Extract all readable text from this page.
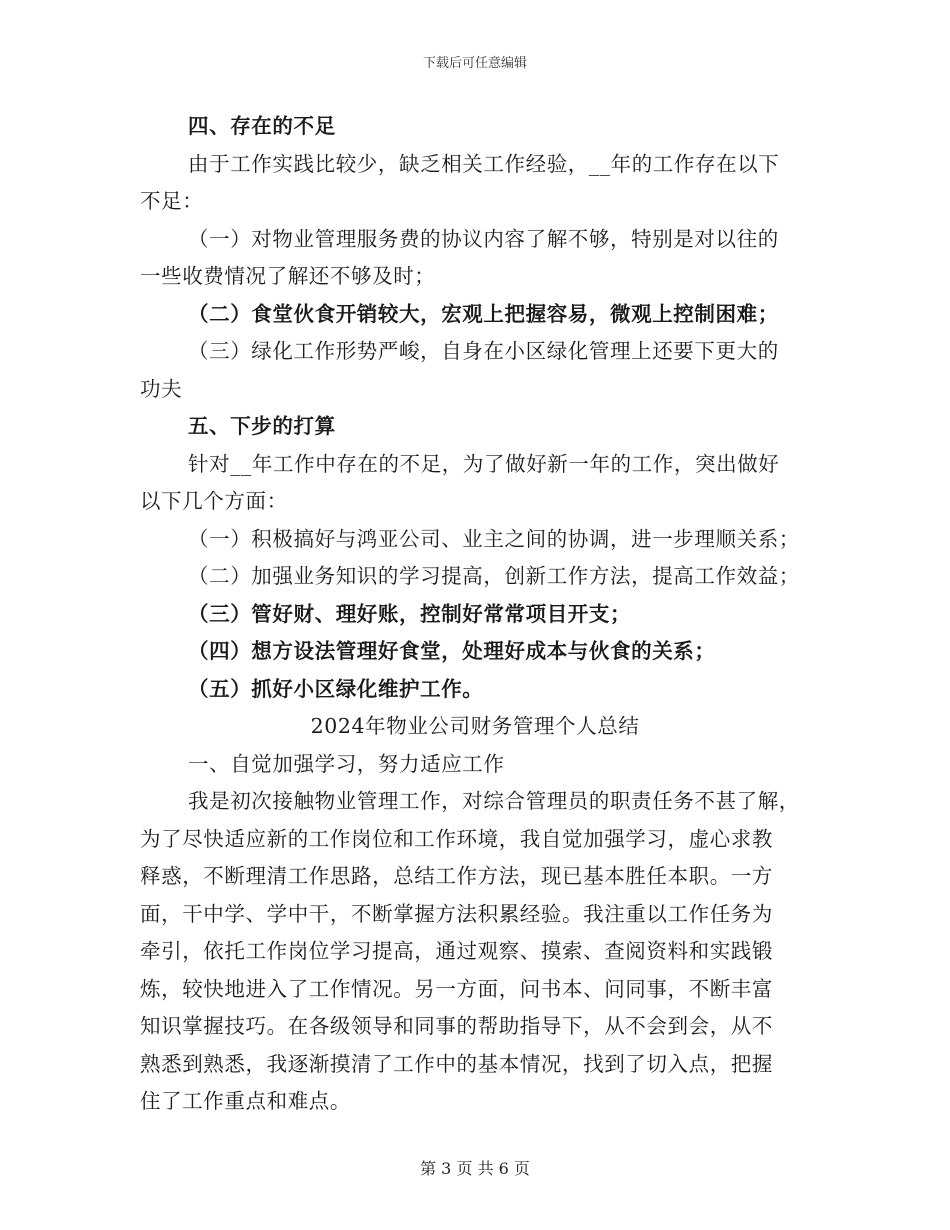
下载后可任意编辑
四、存在的不足
由于工作实践比较少，缺乏相关工作经验，__年的工作存在以下
不足：
（一）对物业管理服务费的协议内容了解不够，特别是对以往的
一些收费情况了解还不够及时；
（二）食堂伙食开销较大，宏观上把握容易，微观上控制困难；
（三）绿化工作形势严峻，自身在小区绿化管理上还要下更大的
功夫
五、下步的打算
针对__年工作中存在的不足，为了做好新一年的工作，突出做好
以下几个方面：
（一）积极搞好与鸿亚公司、业主之间的协调，进一步理顺关系；
（二）加强业务知识的学习提高，创新工作方法，提高工作效益；
（三）管好财、理好账，控制好常常项目开支；
（四）想方设法管理好食堂，处理好成本与伙食的关系；
（五）抓好小区绿化维护工作。
2024年物业公司财务管理个人总结
一、自觉加强学习，努力适应工作
我是初次接触物业管理工作，对综合管理员的职责任务不甚了解，
为了尽快适应新的工作岗位和工作环境，我自觉加强学习，虚心求教
释惑，不断理清工作思路，总结工作方法，现已基本胜任本职。一方
面，干中学、学中干，不断掌握方法积累经验。我注重以工作任务为
牵引，依托工作岗位学习提高，通过观察、摸索、查阅资料和实践锻
炼，较快地进入了工作情况。另一方面，问书本、问同事，不断丰富
知识掌握技巧。在各级领导和同事的帮助指导下，从不会到会，从不
熟悉到熟悉，我逐渐摸清了工作中的基本情况，找到了切入点，把握
住了工作重点和难点。
第 3 页 共 6 页
